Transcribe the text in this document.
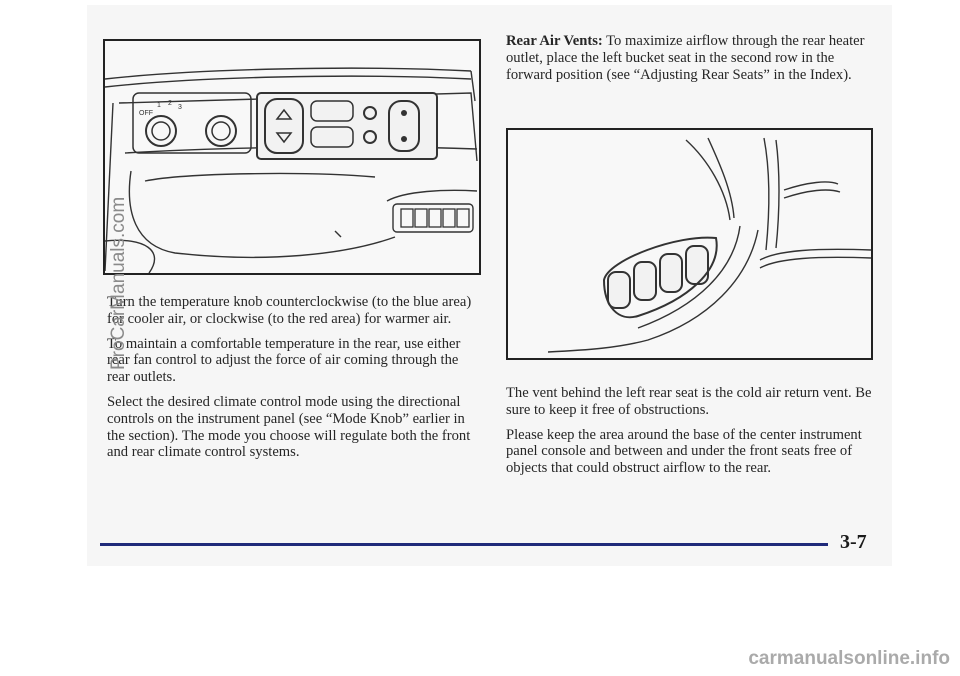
OFF
1 2
3

Turn the temperature knob counterclockwise (to the blue area) for cooler air, or clockwise (to the red area) for warmer air.

To maintain a comfortable temperature in the rear, use either rear fan control to adjust the force of air coming through the rear outlets.

Select the desired climate control mode using the directional controls on the instrument panel (see “Mode Knob” earlier in the section). The mode you choose will regulate both the front and rear climate control systems.

Rear Air Vents: To maximize airflow through the rear heater outlet, place the left bucket seat in the second row in the forward position (see “Adjusting Rear Seats” in the Index).

The vent behind the left rear seat is the cold air return vent. Be sure to keep it free of obstructions.

Please keep the area around the base of the center instrument panel console and between and under the front seats free of objects that could obstruct airflow to the rear.

3-7
ProCarManuals.com
carmanualsonline.info
